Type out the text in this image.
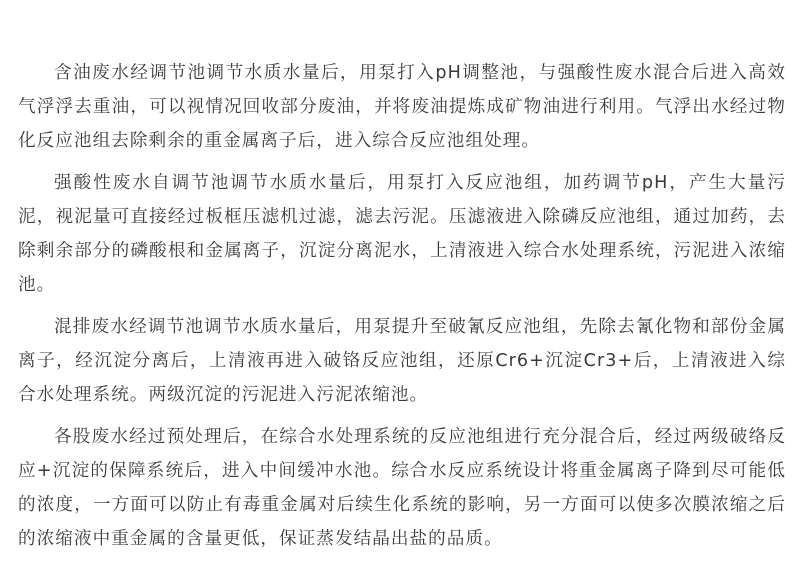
含油废水经调节池调节水质水量后，用泵打入pH调整池，与强酸性废水混合后进入高效气浮浮去重油，可以视情况回收部分废油，并将废油提炼成矿物油进行利用。气浮出水经过物化反应池组去除剩余的重金属离子后，进入综合反应池组处理。

强酸性废水自调节池调节水质水量后，用泵打入反应池组，加药调节pH，产生大量污泥，视泥量可直接经过板框压滤机过滤，滤去污泥。压滤液进入除磷反应池组，通过加药，去除剩余部分的磷酸根和金属离子，沉淀分离泥水，上清液进入综合水处理系统，污泥进入浓缩池。

混排废水经调节池调节水质水量后，用泵提升至破氰反应池组，先除去氰化物和部份金属离子，经沉淀分离后，上清液再进入破铬反应池组，还原Cr6+沉淀Cr3+后，上清液进入综合水处理系统。两级沉淀的污泥进入污泥浓缩池。

各股废水经过预处理后，在综合水处理系统的反应池组进行充分混合后，经过两级破络反应+沉淀的保障系统后，进入中间缓冲水池。综合水反应系统设计将重金属离子降到尽可能低的浓度，一方面可以防止有毒重金属对后续生化系统的影响，另一方面可以使多次膜浓缩之后的浓缩液中重金属的含量更低，保证蒸发结晶出盐的品质。
